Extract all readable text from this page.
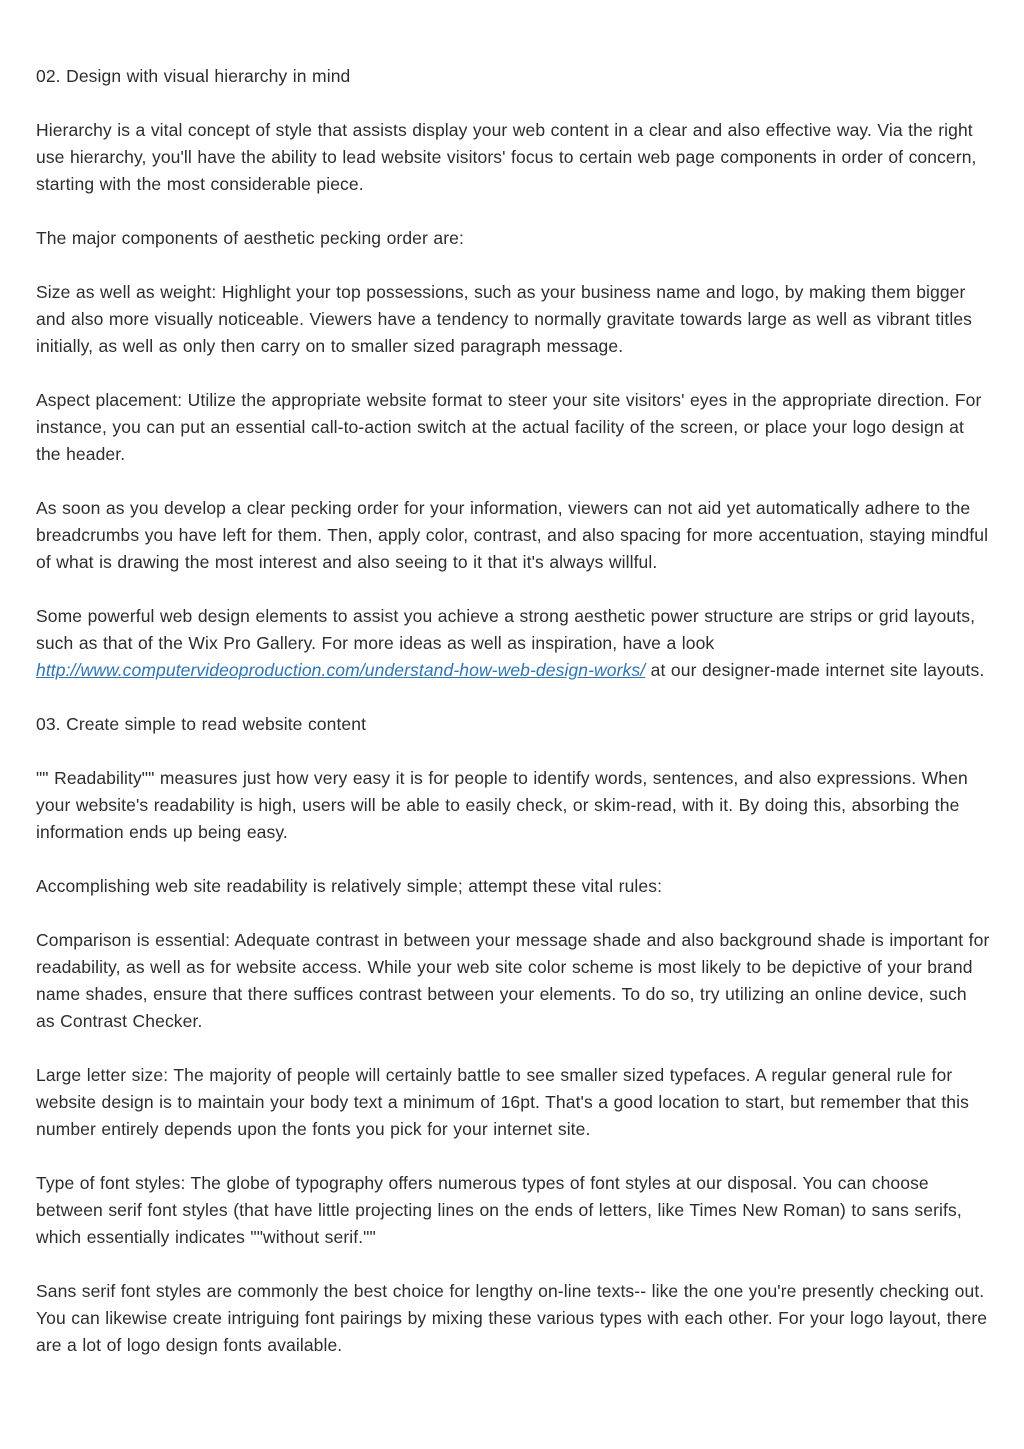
02. Design with visual hierarchy in mind

Hierarchy is a vital concept of style that assists display your web content in a clear and also effective way. Via the right use hierarchy, you'll have the ability to lead website visitors' focus to certain web page components in order of concern, starting with the most considerable piece.

The major components of aesthetic pecking order are:

Size as well as weight: Highlight your top possessions, such as your business name and logo, by making them bigger and also more visually noticeable. Viewers have a tendency to normally gravitate towards large as well as vibrant titles initially, as well as only then carry on to smaller sized paragraph message.

Aspect placement: Utilize the appropriate website format to steer your site visitors' eyes in the appropriate direction. For instance, you can put an essential call-to-action switch at the actual facility of the screen, or place your logo design at the header.

As soon as you develop a clear pecking order for your information, viewers can not aid yet automatically adhere to the breadcrumbs you have left for them. Then, apply color, contrast, and also spacing for more accentuation, staying mindful of what is drawing the most interest and also seeing to it that it's always willful.

Some powerful web design elements to assist you achieve a strong aesthetic power structure are strips or grid layouts, such as that of the Wix Pro Gallery. For more ideas as well as inspiration, have a look http://www.computervideoproduction.com/understand-how-web-design-works/ at our designer-made internet site layouts.

03. Create simple to read website content

"" Readability"" measures just how very easy it is for people to identify words, sentences, and also expressions. When your website's readability is high, users will be able to easily check, or skim-read, with it. By doing this, absorbing the information ends up being easy.

Accomplishing web site readability is relatively simple; attempt these vital rules:

Comparison is essential: Adequate contrast in between your message shade and also background shade is important for readability, as well as for website access. While your web site color scheme is most likely to be depictive of your brand name shades, ensure that there suffices contrast between your elements. To do so, try utilizing an online device, such as Contrast Checker.

Large letter size: The majority of people will certainly battle to see smaller sized typefaces. A regular general rule for website design is to maintain your body text a minimum of 16pt. That's a good location to start, but remember that this number entirely depends upon the fonts you pick for your internet site.

Type of font styles: The globe of typography offers numerous types of font styles at our disposal. You can choose between serif font styles (that have little projecting lines on the ends of letters, like Times New Roman) to sans serifs, which essentially indicates ""without serif.""

Sans serif font styles are commonly the best choice for lengthy on-line texts-- like the one you're presently checking out. You can likewise create intriguing font pairings by mixing these various types with each other. For your logo layout, there are a lot of logo design fonts available.
